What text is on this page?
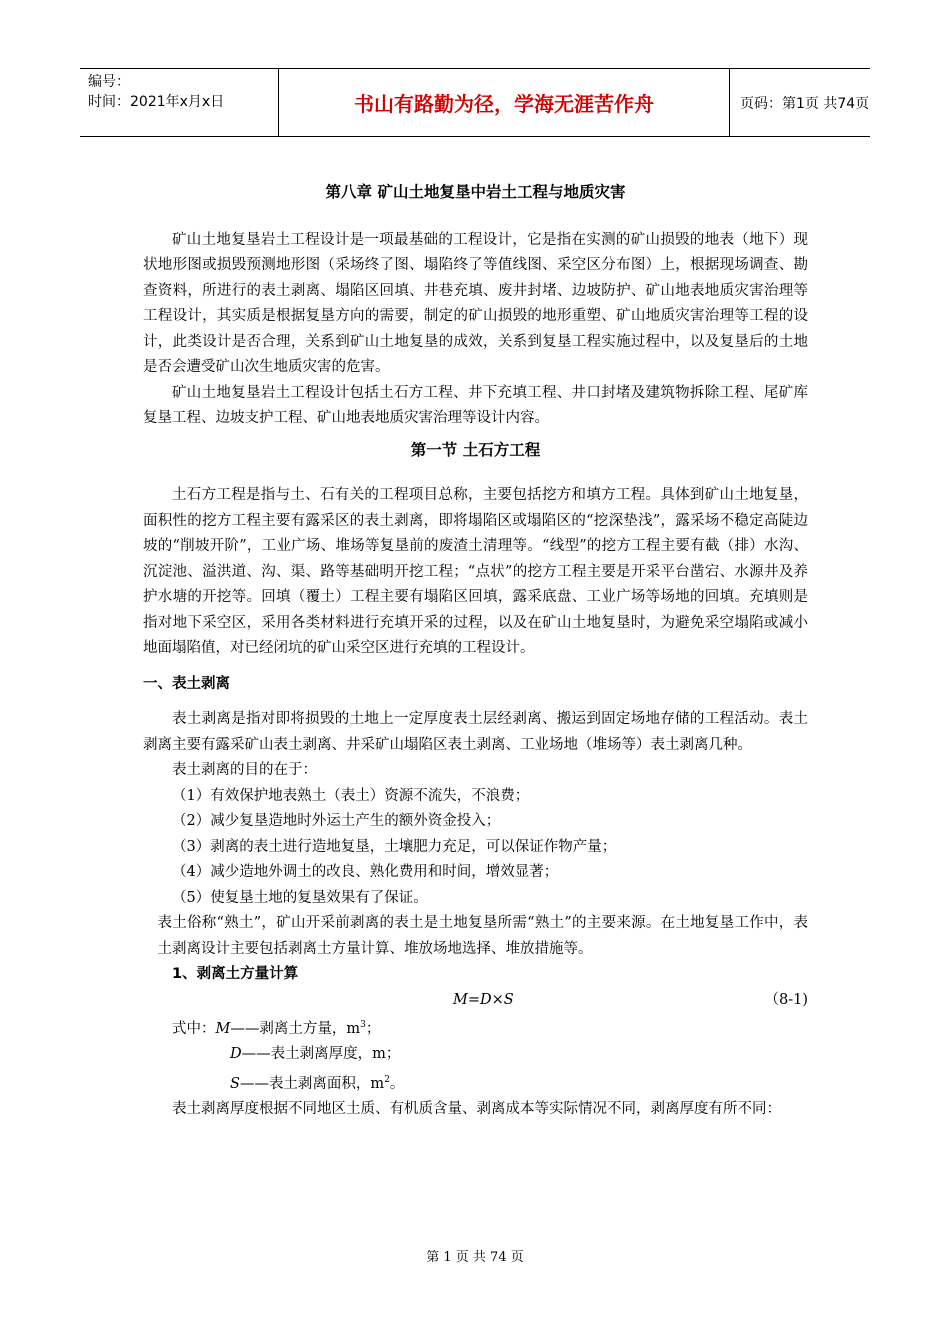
编号：
时间：2021年x月x日	书山有路勤为径，学海无涯苦作舟	页码：第1页 共74页
第八章 矿山土地复垦中岩土工程与地质灾害

矿山土地复垦岩土工程设计是一项最基础的工程设计，它是指在实测的矿山损毁的地表（地下）现状地形图或损毁预测地形图（采场终了图、塌陷终了等值线图、采空区分布图）上，根据现场调查、勘查资料，所进行的表土剥离、塌陷区回填、井巷充填、废井封堵、边坡防护、矿山地表地质灾害治理等工程设计，其实质是根据复垦方向的需要，制定的矿山损毁的地形重塑、矿山地质灾害治理等工程的设计，此类设计是否合理，关系到矿山土地复垦的成效，关系到复垦工程实施过程中，以及复垦后的土地是否会遭受矿山次生地质灾害的危害。

矿山土地复垦岩土工程设计包括土石方工程、井下充填工程、井口封堵及建筑物拆除工程、尾矿库复垦工程、边坡支护工程、矿山地表地质灾害治理等设计内容。

第一节 土石方工程

土石方工程是指与土、石有关的工程项目总称，主要包括挖方和填方工程。具体到矿山土地复垦，面积性的挖方工程主要有露采区的表土剥离，即将塌陷区或塌陷区的“挖深垫浅”，露采场不稳定高陡边坡的“削坡开阶”，工业广场、堆场等复垦前的废渣土清理等。“线型”的挖方工程主要有截（排）水沟、沉淀池、溢洪道、沟、渠、路等基础明开挖工程；“点状”的挖方工程主要是开采平台凿宕、水源井及养护水塘的开挖等。回填（覆土）工程主要有塌陷区回填，露采底盘、工业广场等场地的回填。充填则是指对地下采空区，采用各类材料进行充填开采的过程，以及在矿山土地复垦时，为避免采空塌陷或减小地面塌陷值，对已经闭坑的矿山采空区进行充填的工程设计。

一、表土剥离

表土剥离是指对即将损毁的土地上一定厚度表土层经剥离、搬运到固定场地存储的工程活动。表土剥离主要有露采矿山表土剥离、井采矿山塌陷区表土剥离、工业场地（堆场等）表土剥离几种。

表土剥离的目的在于：

（1）有效保护地表熟土（表土）资源不流失，不浪费；
（2）减少复垦造地时外运土产生的额外资金投入；
（3）剥离的表土进行造地复垦，土壤肥力充足，可以保证作物产量；
（4）减少造地外调土的改良、熟化费用和时间，增效显著；
（5）使复垦土地的复垦效果有了保证。

表土俗称“熟土”，矿山开采前剥离的表土是土地复垦所需“熟土”的主要来源。在土地复垦工作中，表土剥离设计主要包括剥离土方量计算、堆放场地选择、堆放措施等。

1、剥离土方量计算
M=D×S	（8-1)
式中：M——剥离土方量，$m^3$；
D——表土剥离厚度，m；
S——表土剥离面积，$m^2$。

表土剥离厚度根据不同地区土质、有机质含量、剥离成本等实际情况不同，剥离厚度有所不同：

第 1 页 共 74 页
